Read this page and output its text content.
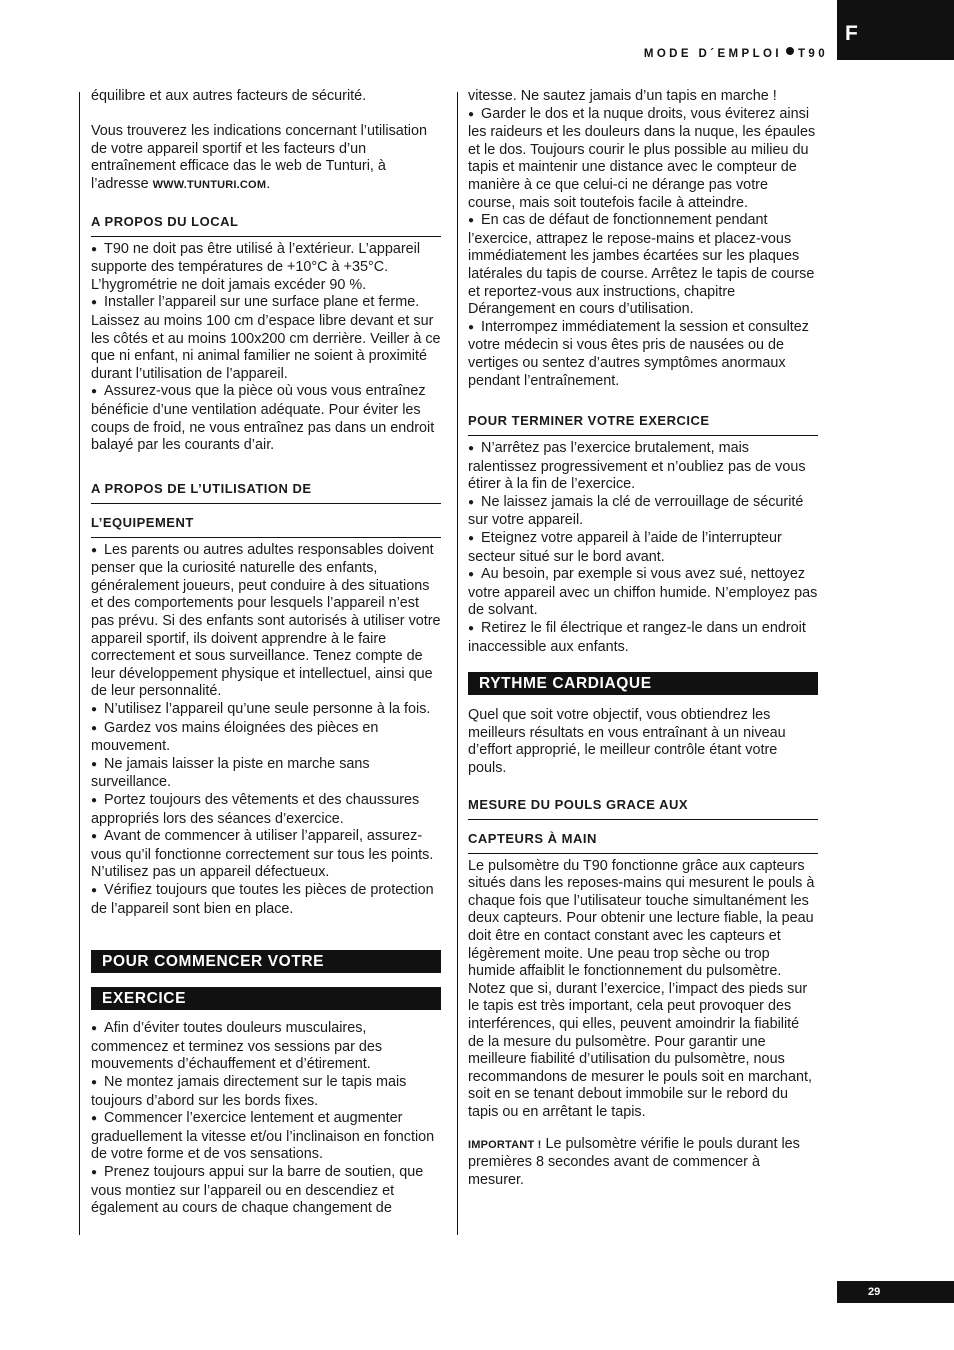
F
MODE D´EMPLOI T90

équilibre et aux autres facteurs de sécurité.

Vous trouverez les indications concernant l’utilisation de votre appareil sportif et les facteurs d’un entraînement efficace das le web de Tunturi, à l’adresse WWW.TUNTURI.COM.

A PROPOS DU LOCAL

● T90 ne doit pas être utilisé à l’extérieur. L’appareil supporte des températures de +10°C à +35°C. L’hygrométrie ne doit jamais excéder 90 %.

● Installer l’appareil sur une surface plane et ferme. Laissez au moins 100 cm d’espace libre devant et sur les côtés et au moins 100x200 cm derrière. Veiller à ce que ni enfant, ni animal familier ne soient à proximité durant l’utilisation de l’appareil.

● Assurez-vous que la pièce où vous vous entraînez bénéficie d’une ventilation adéquate. Pour éviter les coups de froid, ne vous entraînez pas dans un endroit balayé par les courants d’air.

A PROPOS DE L’UTILISATION DE
L’EQUIPEMENT

● Les parents ou autres adultes responsables doivent penser que la curiosité naturelle des enfants, généralement joueurs, peut conduire à des situations et des comportements pour lesquels l’appareil n’est pas prévu. Si des enfants sont autorisés à utiliser votre appareil sportif, ils doivent apprendre à le faire correctement et sous surveillance. Tenez compte de leur développement physique et intellectuel, ainsi que de leur personnalité.

● N’utilisez l’appareil qu’une seule personne à la fois.

● Gardez vos mains éloignées des pièces en mouvement.

● Ne jamais laisser la piste en marche sans surveillance.

● Portez toujours des vêtements et des chaussures appropriés lors des séances d’exercice.

● Avant de commencer à utiliser l’appareil, assurez-vous qu’il fonctionne correctement sur tous les points. N’utilisez pas un appareil défectueux.

● Vérifiez toujours que toutes les pièces de protection de l’appareil sont bien en place.

POUR COMMENCER VOTRE
EXERCICE

● Afin d’éviter toutes douleurs musculaires, commencez et terminez vos sessions par des mouvements d’échauffement et d’étirement.

● Ne montez jamais directement sur le tapis mais toujours d’abord sur les bords fixes.

● Commencer l’exercice lentement et augmenter graduellement la vitesse et/ou l’inclinaison en fonction de votre forme et de vos sensations.

● Prenez toujours appui sur la barre de soutien, que vous montiez sur l’appareil ou en descendiez et également au cours de chaque changement de

vitesse. Ne sautez jamais d’un tapis en marche !

● Garder le dos et la nuque droits, vous éviterez ainsi les raideurs et les douleurs dans la nuque, les épaules et le dos. Toujours courir le plus possible au milieu du tapis et maintenir une distance avec le compteur de manière à ce que celui-ci ne dérange pas votre course, mais soit toutefois facile à atteindre.

● En cas de défaut de fonctionnement pendant l’exercice, attrapez le repose-mains et placez-vous immédiatement les jambes écartées sur les plaques latérales du tapis de course. Arrêtez le tapis de course et reportez-vous aux instructions, chapitre Dérangement en cours d’utilisation.

● Interrompez immédiatement la session et consultez votre médecin si vous êtes pris de nausées ou de vertiges ou sentez d’autres symptômes anormaux pendant l’entraînement.

POUR TERMINER VOTRE EXERCICE

● N’arrêtez pas l’exercice brutalement, mais ralentissez progressivement et n’oubliez pas de vous étirer à la fin de l’exercice.

● Ne laissez jamais la clé de verrouillage de sécurité sur votre appareil.

● Eteignez votre appareil à l’aide de l’interrupteur secteur situé sur le bord avant.

● Au besoin, par exemple si vous avez sué, nettoyez votre appareil avec un chiffon humide. N’employez pas de solvant.

● Retirez le fil électrique et rangez-le dans un endroit inaccessible aux enfants.

RYTHME CARDIAQUE

Quel que soit votre objectif, vous obtiendrez les meilleurs résultats en vous entraînant à un niveau d’effort approprié, le meilleur contrôle étant votre pouls.

MESURE DU POULS GRACE AUX
CAPTEURS À MAIN

Le pulsomètre du T90 fonctionne grâce aux capteurs situés dans les reposes-mains qui mesurent le pouls à chaque fois que l’utilisateur touche simultanément les deux capteurs. Pour obtenir une lecture fiable, la peau doit être en contact constant avec les capteurs et légèrement moite. Une peau trop sèche ou trop humide affaiblit le fonctionnement du pulsomètre. Notez que si, durant l’exercice, l’impact des pieds sur le tapis est très important, cela peut provoquer des interférences, qui elles, peuvent amoindrir la fiabilité de la mesure du pulsomètre. Pour garantir une meilleure fiabilité d’utilisation du pulsomètre, nous recommandons de mesurer le pouls soit en marchant, soit en se tenant debout immobile sur le rebord du tapis ou en arrêtant le tapis.

IMPORTANT ! Le pulsomètre vérifie le pouls durant les premières 8 secondes avant de commencer à mesurer.

29
